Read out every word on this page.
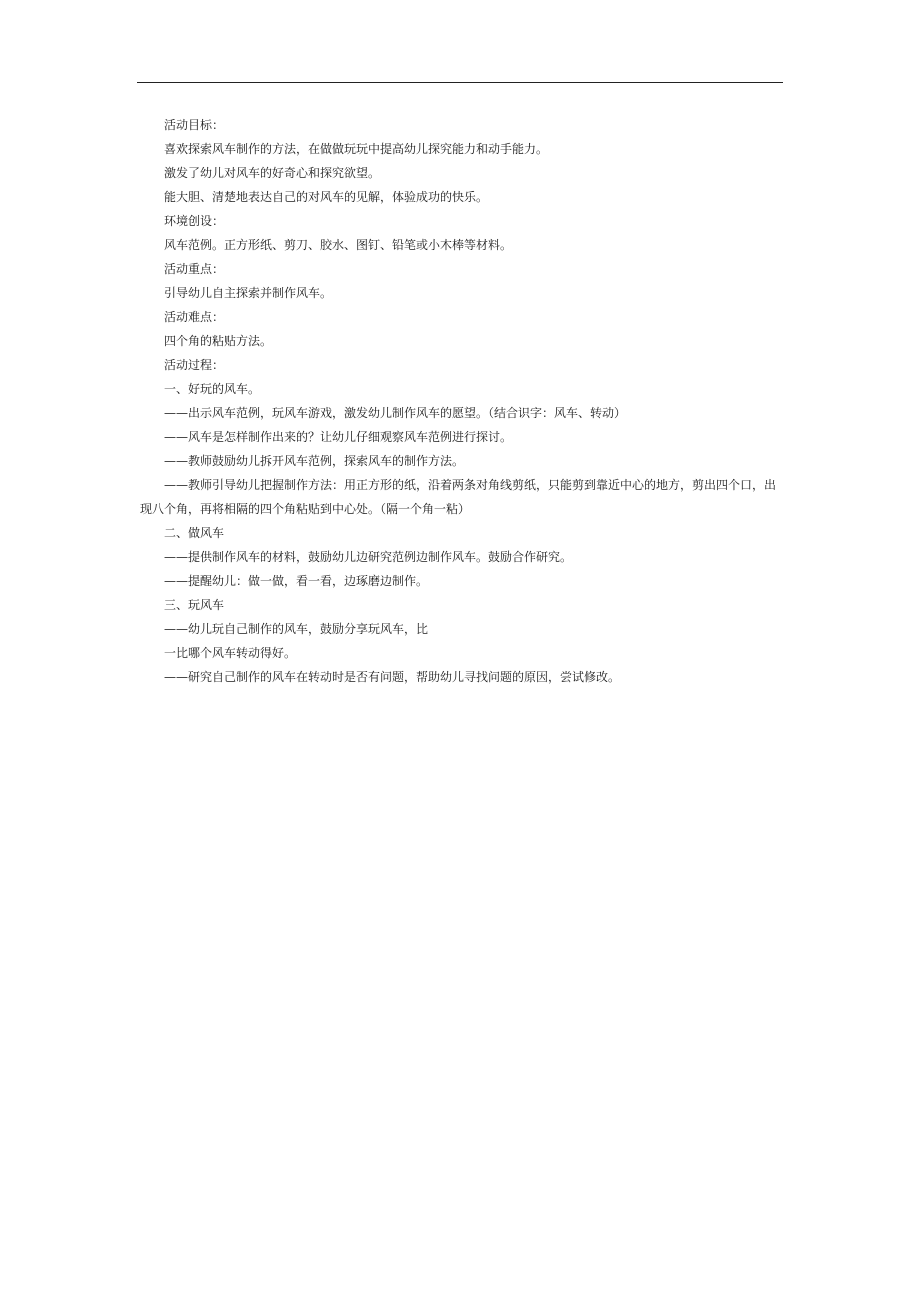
活动目标：

喜欢探索风车制作的方法，在做做玩玩中提高幼儿探究能力和动手能力。

激发了幼儿对风车的好奇心和探究欲望。

能大胆、清楚地表达自己的对风车的见解，体验成功的快乐。

环境创设：

风车范例。正方形纸、剪刀、胶水、图钉、铅笔或小木棒等材料。

活动重点：

引导幼儿自主探索并制作风车。

活动难点：

四个角的粘贴方法。

活动过程：

一、好玩的风车。

——出示风车范例，玩风车游戏，激发幼儿制作风车的愿望。（结合识字：风车、转动）

——风车是怎样制作出来的？让幼儿仔细观察风车范例进行探讨。

——教师鼓励幼儿拆开风车范例，探索风车的制作方法。

——教师引导幼儿把握制作方法：用正方形的纸，沿着两条对角线剪纸，只能剪到靠近中心的地方，剪出四个口，出现八个角，再将相隔的四个角粘贴到中心处。（隔一个角一粘）

二、做风车

——提供制作风车的材料，鼓励幼儿边研究范例边制作风车。鼓励合作研究。

——提醒幼儿：做一做，看一看，边琢磨边制作。

三、玩风车

——幼儿玩自己制作的风车，鼓励分享玩风车，比

一比哪个风车转动得好。

——研究自己制作的风车在转动时是否有问题，帮助幼儿寻找问题的原因，尝试修改。
